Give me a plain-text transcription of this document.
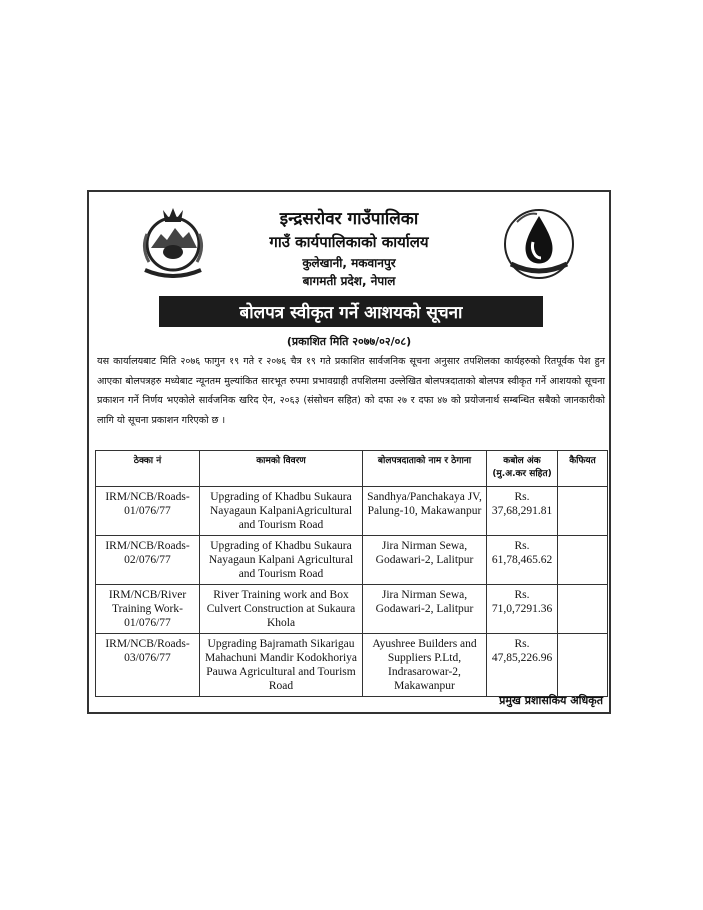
इन्द्रसरोवर गाउँपालिका
गाउँ कार्यपालिकाको कार्यालय
कुलेखानी, मकवानपुर
बागमती प्रदेश, नेपाल
बोलपत्र स्वीकृत गर्ने आशयको सूचना
(प्रकाशित मिति २०७७/०२/०८)
यस कार्यालयबाट मिति २०७६ फागुन १९ गते र २०७६ चैत्र १९ गते प्रकाशित सार्वजनिक सूचना अनुसार तपशिलका कार्यहरुको रितपूर्वक पेश हुन आएका बोलपत्रहरु मध्येबाट न्यूनतम मुल्यांकित सारभूत रुपमा प्रभावग्राही तपशिलमा उल्लेखित बोलपत्रदाताको बोलपत्र स्वीकृत गर्ने आशयको सूचना प्रकाशन गर्ने निर्णय भएकोले सार्वजनिक खरिद ऐन, २०६३ (संसोधन सहित) को दफा २७ र दफा ४७ को प्रयोजनार्थ सम्बन्धित सबैको जानकारीको लागि यो सूचना प्रकाशन गरिएको छ ।
ठेक्का नं	कामको विवरण	बोलपत्रदाताको नाम र ठेगाना	कबोल अंक (मु.अ.कर सहित)	कैफियत
IRM/NCB/Roads-01/076/77	Upgrading of Khadbu Sukaura Nayagaun KalpaniAgricultural and Tourism Road	Sandhya/Panchakaya JV, Palung-10, Makawanpur	Rs. 37,68,291.81	
IRM/NCB/Roads-02/076/77	Upgrading of Khadbu Sukaura Nayagaun Kalpani Agricultural and Tourism Road	Jira Nirman Sewa, Godawari-2, Lalitpur	Rs. 61,78,465.62	
IRM/NCB/River Training Work-01/076/77	River Training work and Box Culvert Construction at Sukaura Khola	Jira Nirman Sewa, Godawari-2, Lalitpur	Rs. 71,0,7291.36	
IRM/NCB/Roads-03/076/77	Upgrading Bajramath Sikarigau Mahachuni Mandir Kodokhoriya Pauwa Agricultural and Tourism Road	Ayushree Builders and Suppliers P.Ltd, Indrasarowar-2, Makawanpur	Rs. 47,85,226.96	
प्रमुख प्रशासकिय अधिकृत
